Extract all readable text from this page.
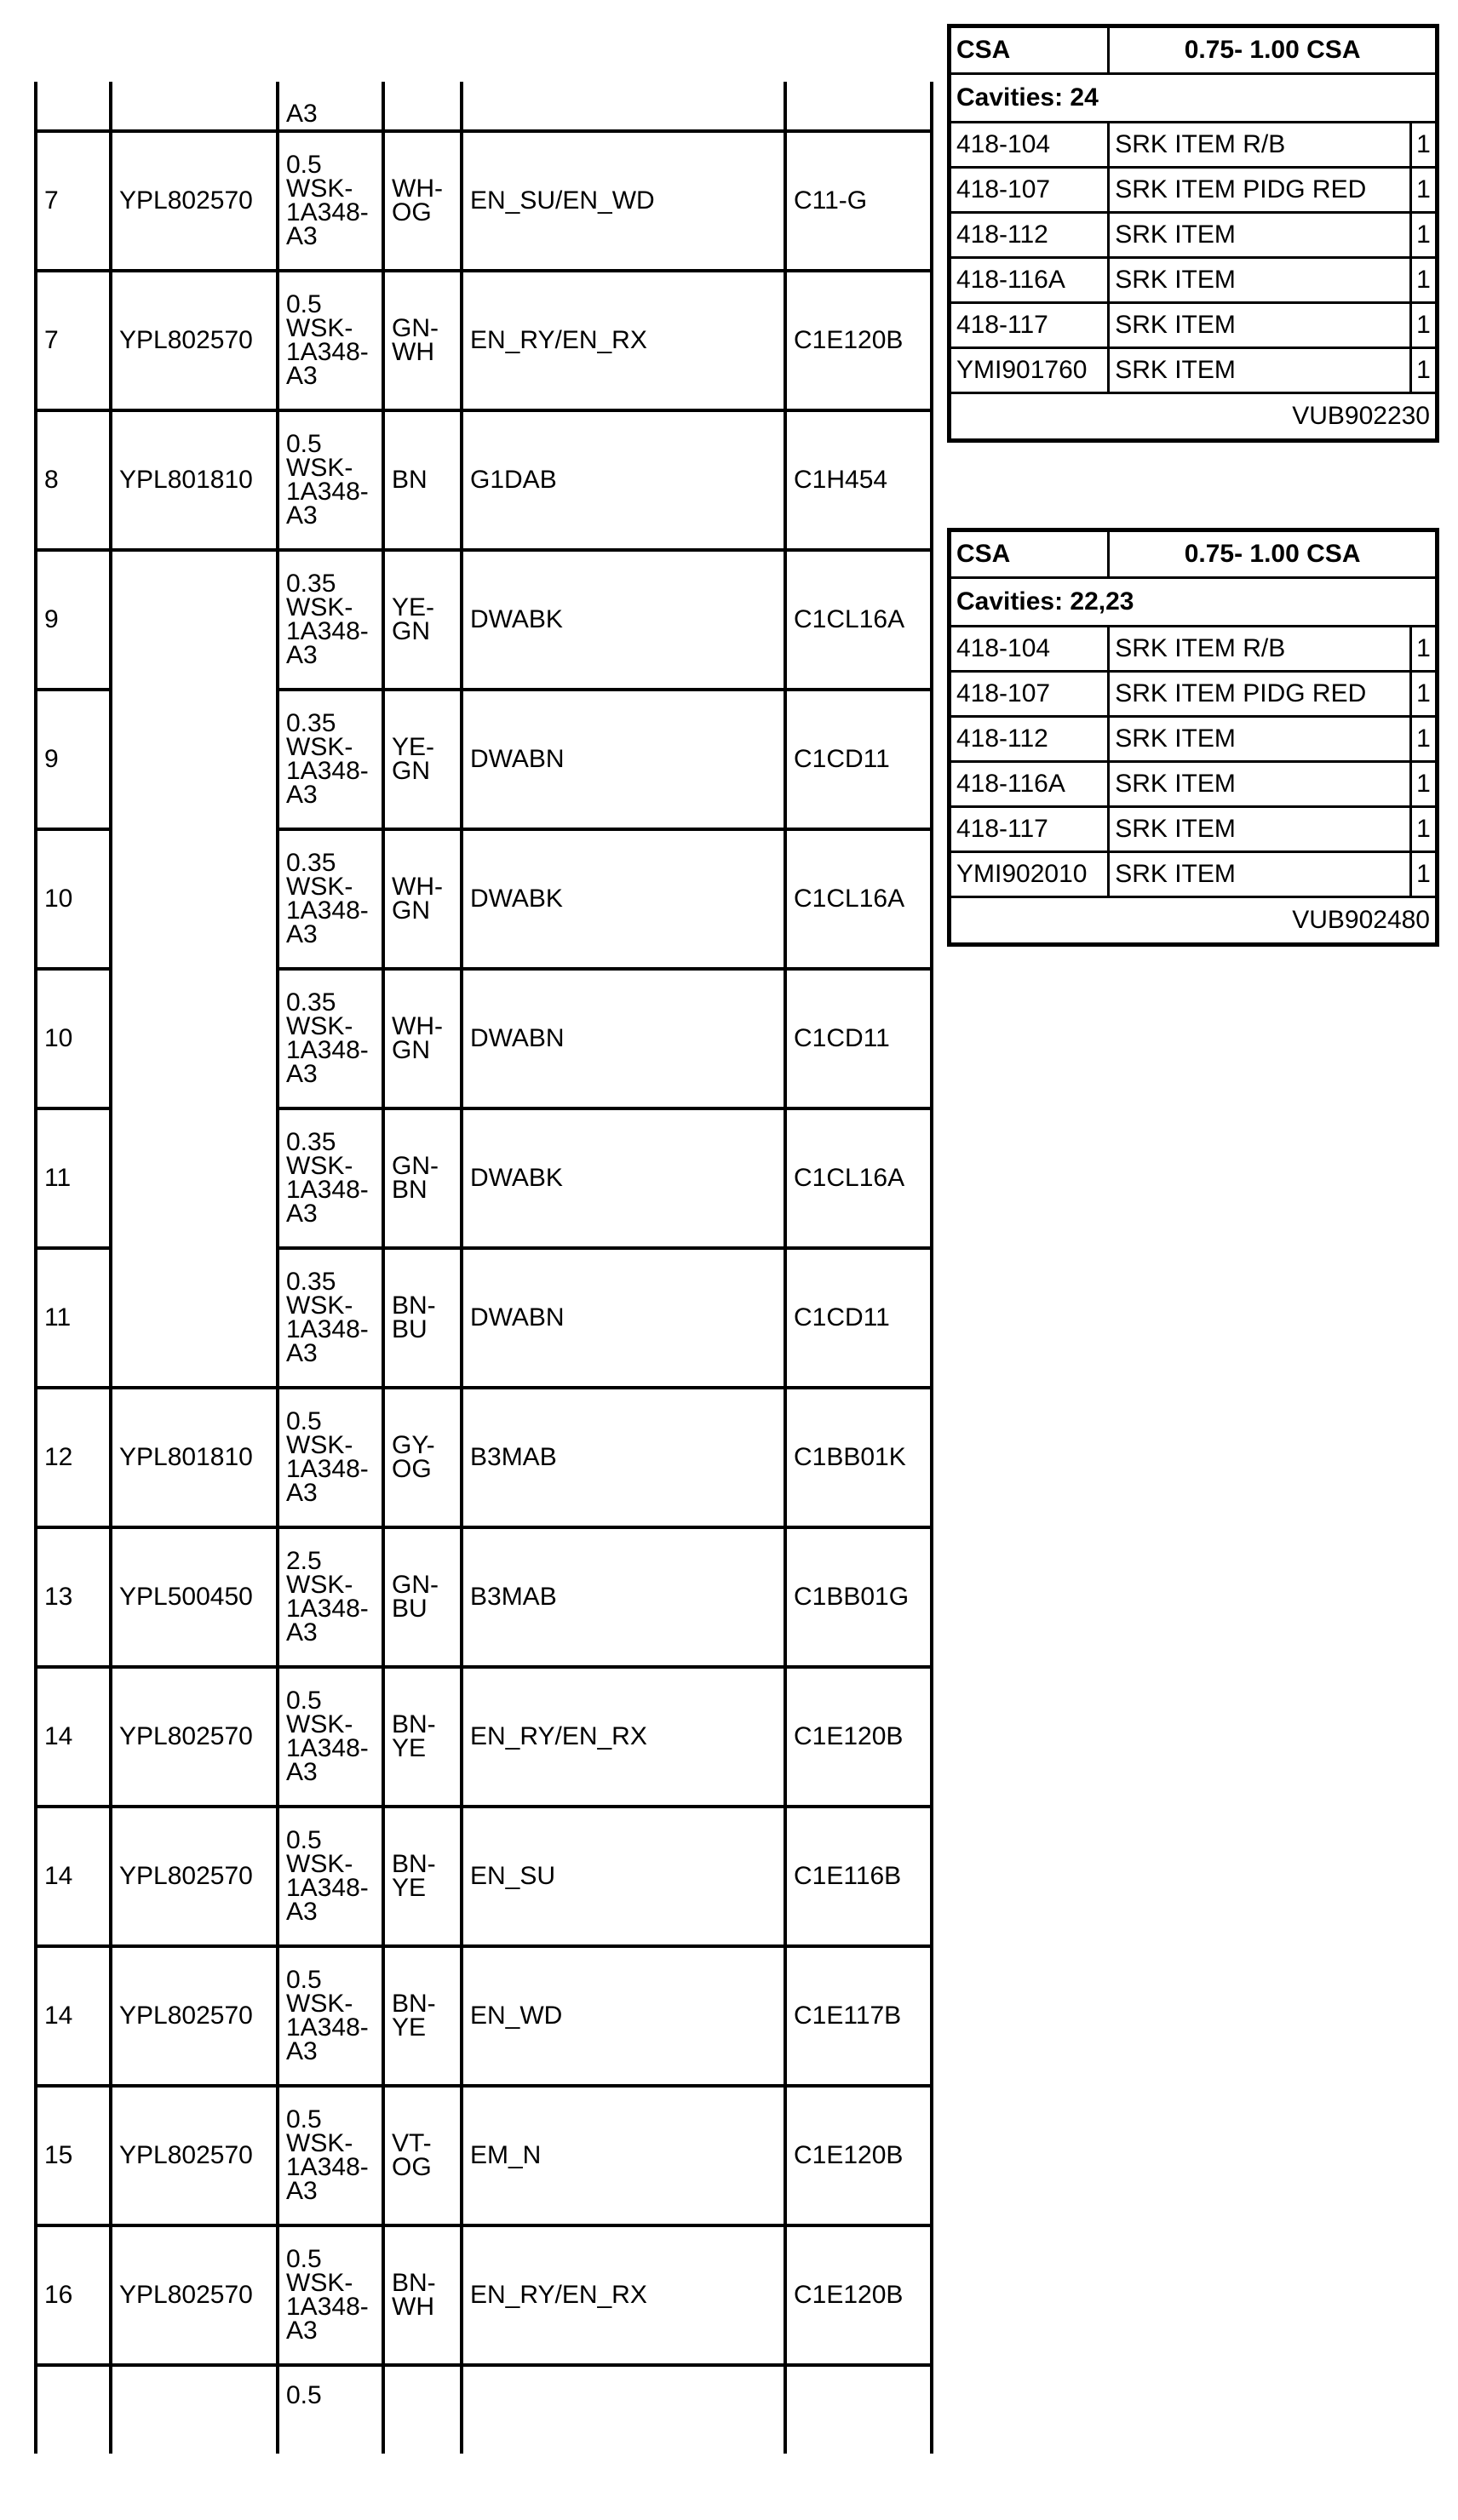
		A3			
7	YPL802570	0.5
WSK-
1A348-
A3	WH-
OG	EN_SU/EN_WD	C11-G
7	YPL802570	0.5
WSK-
1A348-
A3	GN-
WH	EN_RY/EN_RX	C1E120B
8	YPL801810	0.5
WSK-
1A348-
A3	BN	G1DAB	C1H454
9		0.35
WSK-
1A348-
A3	YE-
GN	DWABK	C1CL16A
9		0.35
WSK-
1A348-
A3	YE-
GN	DWABN	C1CD11
10		0.35
WSK-
1A348-
A3	WH-
GN	DWABK	C1CL16A
10		0.35
WSK-
1A348-
A3	WH-
GN	DWABN	C1CD11
11		0.35
WSK-
1A348-
A3	GN-
BN	DWABK	C1CL16A
11		0.35
WSK-
1A348-
A3	BN-
BU	DWABN	C1CD11
12	YPL801810	0.5
WSK-
1A348-
A3	GY-
OG	B3MAB	C1BB01K
13	YPL500450	2.5
WSK-
1A348-
A3	GN-
BU	B3MAB	C1BB01G
14	YPL802570	0.5
WSK-
1A348-
A3	BN-
YE	EN_RY/EN_RX	C1E120B
14	YPL802570	0.5
WSK-
1A348-
A3	BN-
YE	EN_SU	C1E116B
14	YPL802570	0.5
WSK-
1A348-
A3	BN-
YE	EN_WD	C1E117B
15	YPL802570	0.5
WSK-
1A348-
A3	VT-
OG	EM_N	C1E120B
16	YPL802570	0.5
WSK-
1A348-
A3	BN-
WH	EN_RY/EN_RX	C1E120B
		0.5			
CSA	0.75- 1.00 CSA	
Cavities: 24		
418-104	SRK ITEM R/B	1
418-107	SRK ITEM PIDG RED	1
418-112	SRK ITEM	1
418-116A	SRK ITEM	1
418-117	SRK ITEM	1
YMI901760	SRK ITEM	1
VUB902230		
CSA	0.75- 1.00 CSA	
Cavities: 22,23		
418-104	SRK ITEM R/B	1
418-107	SRK ITEM PIDG RED	1
418-112	SRK ITEM	1
418-116A	SRK ITEM	1
418-117	SRK ITEM	1
YMI902010	SRK ITEM	1
VUB902480		
